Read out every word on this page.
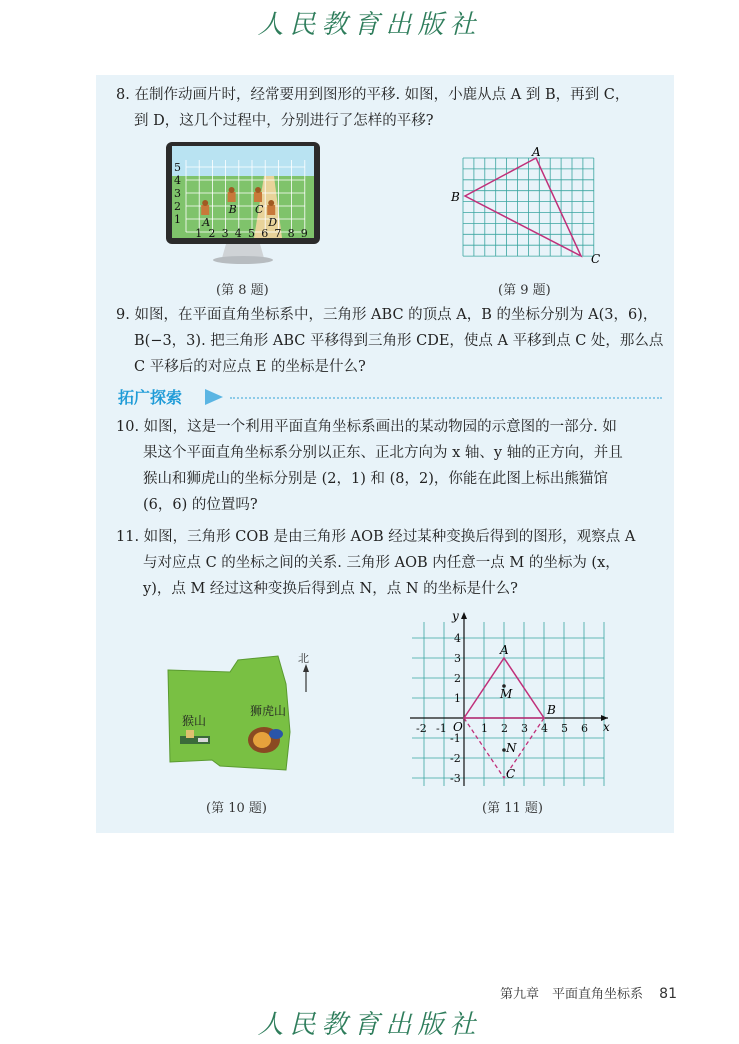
人民教育出版社
8. 在制作动画片时，经常要用到图形的平移. 如图，小鹿从点 A 到 B，再到 C，
到 D，这几个过程中，分别进行了怎样的平移?
5
4
3
2
1
1 2 3 4 5 6 7 8 9
A
B C
D
(第 8 题)
A
B
C
(第 9 题)
9. 如图，在平面直角坐标系中，三角形 ABC 的顶点 A，B 的坐标分别为 A(3，6)，
B(−3，3). 把三角形 ABC 平移得到三角形 CDE，使点 A 平移到点 C 处，那么点
C 平移后的对应点 E 的坐标是什么?
拓广探索
10. 如图，这是一个利用平面直角坐标系画出的某动物园的示意图的一部分. 如
果这个平面直角坐标系分别以正东、正北方向为 x 轴、y 轴的正方向，并且
猴山和狮虎山的坐标分别是 (2，1) 和 (8，2)，你能在此图上标出熊猫馆
(6，6) 的位置吗?
11. 如图，三角形 COB 是由三角形 AOB 经过某种变换后得到的图形，观察点 A
与对应点 C 的坐标之间的关系. 三角形 AOB 内任意一点 M 的坐标为 (x，
y)，点 M 经过这种变换后得到点 N，点 N 的坐标是什么?
北
猴山
狮虎山
(第 10 题)
x
y
-2 -1	1 2 3 4 5 6
4
3
2
1
-1
-2
-3
O
A
B
C
M
N
(第 11 题)
第九章　平面直角坐标系 81
人民教育出版社
